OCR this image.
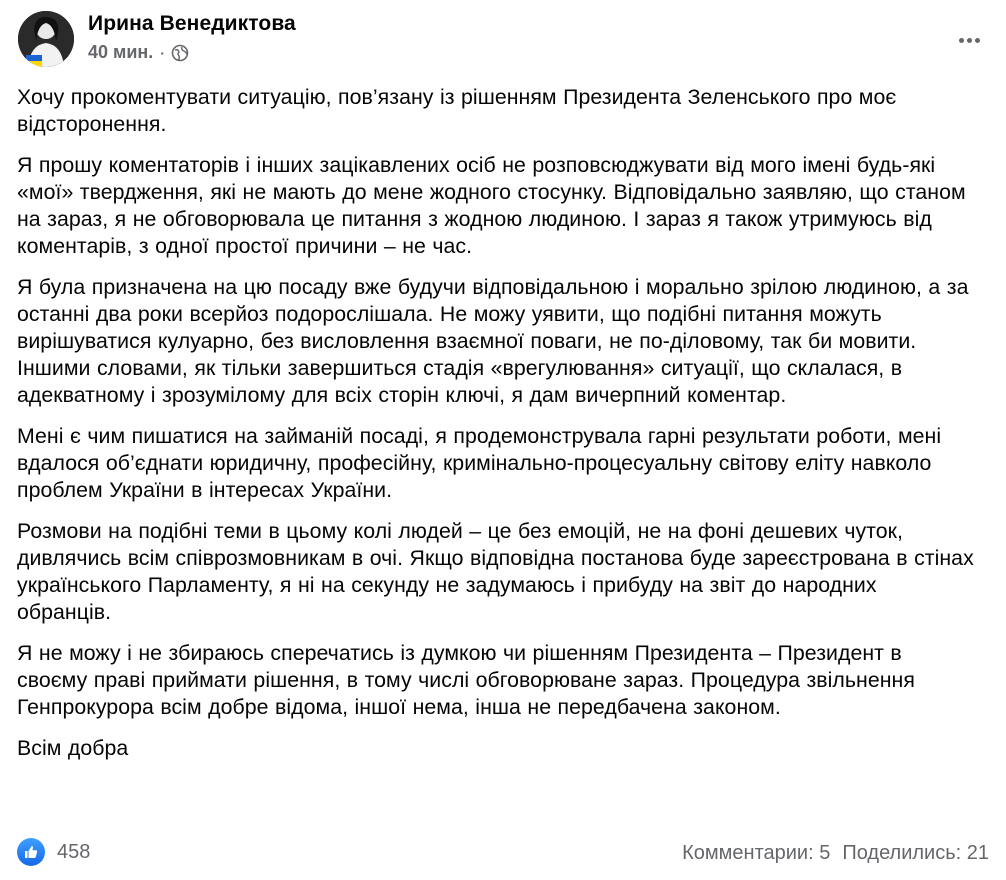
Ирина Венедиктова
40 мин. ·

Хочу прокоментувати ситуацію, пов’язану із рішенням Президента Зеленського про моє відсторонення.

Я прошу коментаторів і інших зацікавлених осіб не розповсюджувати від мого імені будь-які «мої» твердження, які не мають до мене жодного стосунку. Відповідально заявляю, що станом на зараз, я не обговорювала це питання з жодною людиною. І зараз я також утримуюсь від коментарів, з одної простої причини – не час.

Я була призначена на цю посаду вже будучи відповідальною і морально зрілою людиною, а за останні два роки всерйоз подорослішала. Не можу уявити, що подібні питання можуть вирішуватися кулуарно, без висловлення взаємної поваги, не по-діловому, так би мовити. Іншими словами, як тільки завершиться стадія «врегулювання» ситуації, що склалася, в адекватному і зрозумілому для всіх сторін ключі, я дам вичерпний коментар.

Мені є чим пишатися на займаній посаді, я продемонструвала гарні результати роботи, мені вдалося об’єднати юридичну, професійну, кримінально-процесуальну світову еліту навколо проблем України в інтересах України.

Розмови на подібні теми в цьому колі людей – це без емоцій, не на фоні дешевих чуток, дивлячись всім співрозмовникам в очі. Якщо відповідна постанова буде зареєстрована в стінах українського Парламенту, я ні на секунду не задумаюсь і прибуду на звіт до народних обранців.

Я не можу і не збираюсь сперечатись із думкою чи рішенням Президента – Президент в своєму праві приймати рішення, в тому числі обговорюване зараз. Процедура звільнення Генпрокурора всім добре відома, іншої нема, інша не передбачена законом.

Всім добра

458	Комментарии: 5 Поделились: 21
